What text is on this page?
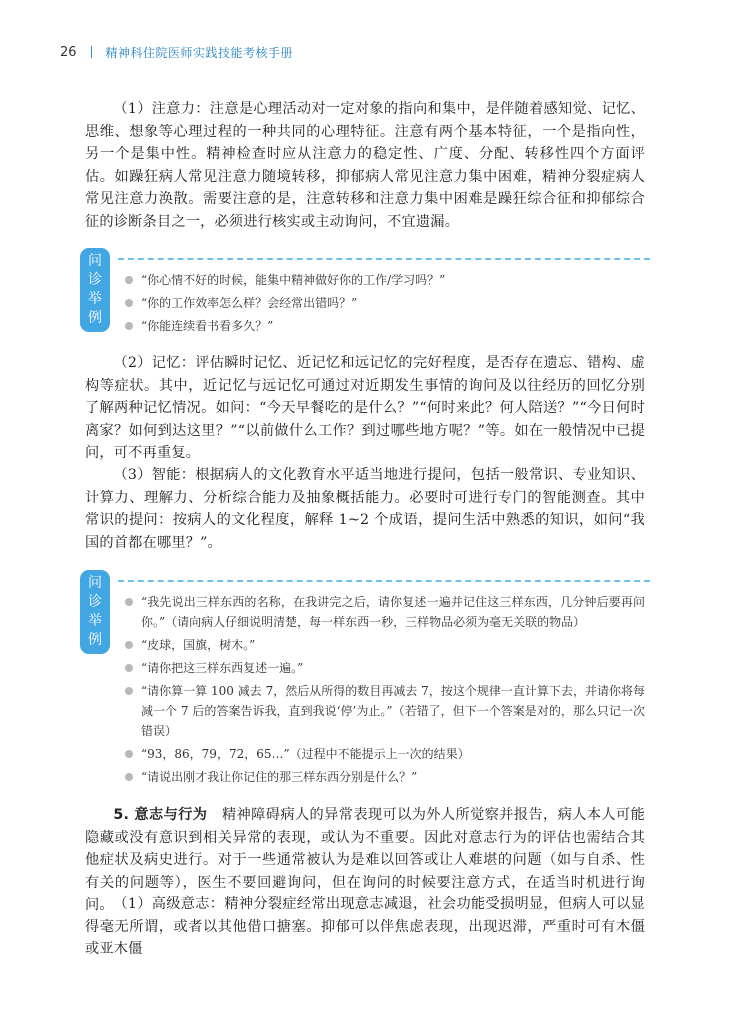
26 精神科住院医师实践技能考核手册

（1）注意力：注意是心理活动对一定对象的指向和集中，是伴随着感知觉、记忆、思维、想象等心理过程的一种共同的心理特征。注意有两个基本特征，一个是指向性，另一个是集中性。精神检查时应从注意力的稳定性、广度、分配、转移性四个方面评估。如躁狂病人常见注意力随境转移，抑郁病人常见注意力集中困难，精神分裂症病人常见注意力涣散。需要注意的是，注意转移和注意力集中困难是躁狂综合征和抑郁综合征的诊断条目之一，必须进行核实或主动询问，不宜遗漏。

问
诊
举
例
“你心情不好的时候，能集中精神做好你的工作/学习吗？”
“你的工作效率怎么样？会经常出错吗？”
“你能连续看书看多久？”

（2）记忆：评估瞬时记忆、近记忆和远记忆的完好程度，是否存在遗忘、错构、虚构等症状。其中，近记忆与远记忆可通过对近期发生事情的询问及以往经历的回忆分别了解两种记忆情况。如问：“今天早餐吃的是什么？”“何时来此？何人陪送？”“今日何时离家？如何到达这里？”“以前做什么工作？到过哪些地方呢？”等。如在一般情况中已提问，可不再重复。

（3）智能：根据病人的文化教育水平适当地进行提问，包括一般常识、专业知识、计算力、理解力、分析综合能力及抽象概括能力。必要时可进行专门的智能测查。其中常识的提问：按病人的文化程度，解释 1~2 个成语，提问生活中熟悉的知识，如问“我国的首都在哪里？”。

问
诊
举
例
“我先说出三样东西的名称，在我讲完之后，请你复述一遍并记住这三样东西，几分钟后要再问你。”（请向病人仔细说明清楚，每一样东西一秒，三样物品必须为毫无关联的物品）
“皮球，国旗，树木。”
“请你把这三样东西复述一遍。”
“请你算一算 100 减去 7，然后从所得的数目再减去 7，按这个规律一直计算下去，并请你将每减一个 7 后的答案告诉我，直到我说‘停’为止。”（若错了，但下一个答案是对的，那么只记一次错误）
“93，86，79，72，65…”（过程中不能提示上一次的结果）
“请说出刚才我让你记住的那三样东西分别是什么？”

5. 意志与行为　 精神障碍病人的异常表现可以为外人所觉察并报告，病人本人可能隐藏或没有意识到相关异常的表现，或认为不重要。因此对意志行为的评估也需结合其他症状及病史进行。对于一些通常被认为是难以回答或让人难堪的问题（如与自杀、性有关的问题等），医生不要回避询问，但在询问的时候要注意方式，在适当时机进行询问。 （1）高级意志：精神分裂症经常出现意志减退，社会功能受损明显，但病人可以显得毫无所谓，或者以其他借口搪塞。抑郁可以伴焦虑表现，出现迟滞，严重时可有木僵或亚木僵
